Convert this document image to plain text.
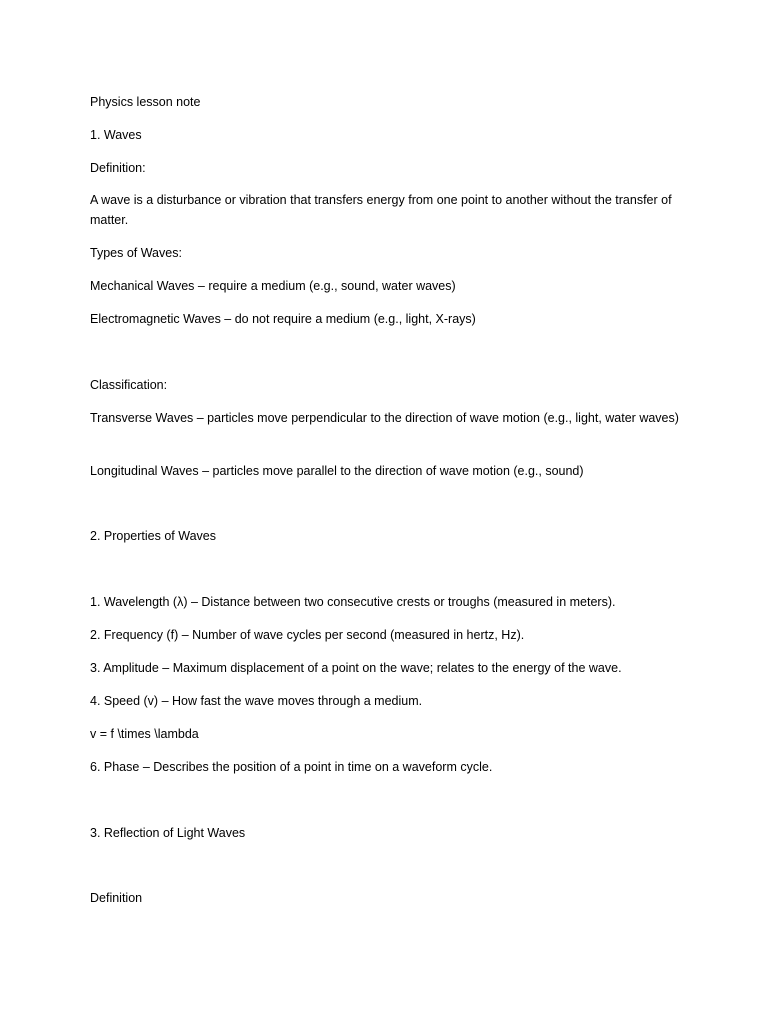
Physics lesson note

1. Waves

Definition:

A wave is a disturbance or vibration that transfers energy from one point to another without the transfer of matter.

Types of Waves:

Mechanical Waves – require a medium (e.g., sound, water waves)

Electromagnetic Waves – do not require a medium (e.g., light, X-rays)

Classification:

Transverse Waves – particles move perpendicular to the direction of wave motion (e.g., light, water waves)

Longitudinal Waves – particles move parallel to the direction of wave motion (e.g., sound)

2. Properties of Waves

1. Wavelength (λ) – Distance between two consecutive crests or troughs (measured in meters).

2. Frequency (f) – Number of wave cycles per second (measured in hertz, Hz).

3. Amplitude – Maximum displacement of a point on the wave; relates to the energy of the wave.

4. Speed (v) – How fast the wave moves through a medium.

v = f \times \lambda

6. Phase – Describes the position of a point in time on a waveform cycle.

3. Reflection of Light Waves

Definition
